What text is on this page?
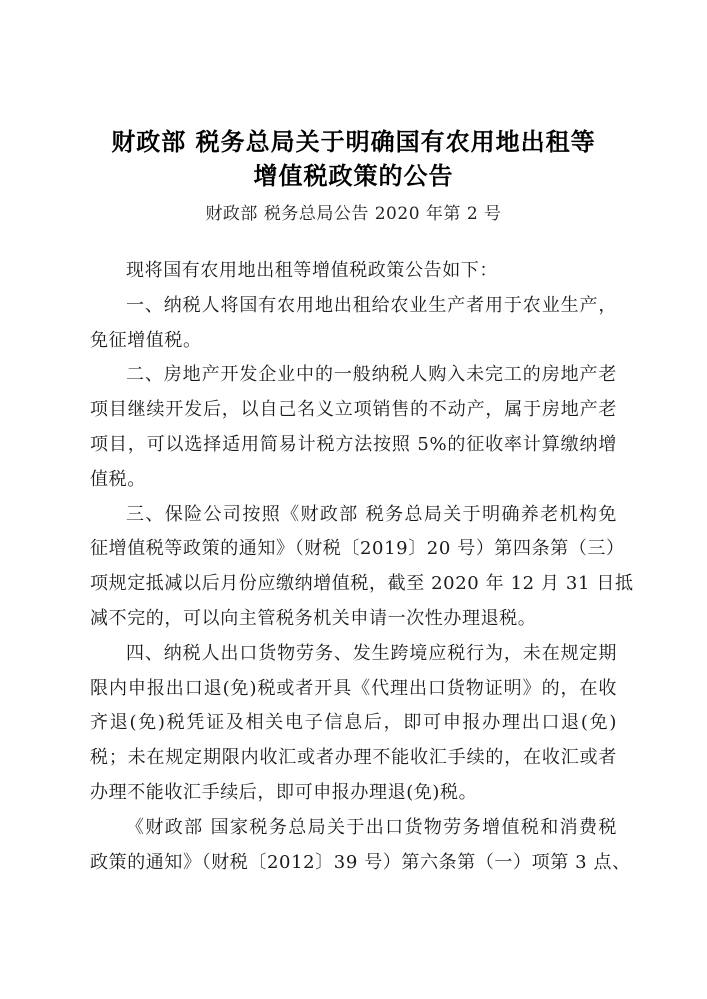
财政部 税务总局关于明确国有农用地出租等
增值税政策的公告
财政部 税务总局公告 2020 年第 2 号
现将国有农用地出租等增值税政策公告如下：
一、纳税人将国有农用地出租给农业生产者用于农业生产，
免征增值税。
二、房地产开发企业中的一般纳税人购入未完工的房地产老
项目继续开发后，以自己名义立项销售的不动产，属于房地产老
项目，可以选择适用简易计税方法按照 5%的征收率计算缴纳增
值税。
三、保险公司按照《财政部 税务总局关于明确养老机构免
征增值税等政策的通知》（财税〔2019〕20 号）第四条第（三）
项规定抵减以后月份应缴纳增值税，截至 2020 年 12 月 31 日抵
减不完的，可以向主管税务机关申请一次性办理退税。
四、纳税人出口货物劳务、发生跨境应税行为，未在规定期
限内申报出口退(免)税或者开具《代理出口货物证明》的，在收
齐退(免)税凭证及相关电子信息后，即可申报办理出口退(免)
税；未在规定期限内收汇或者办理不能收汇手续的，在收汇或者
办理不能收汇手续后，即可申报办理退(免)税。
《财政部 国家税务总局关于出口货物劳务增值税和消费税
政策的通知》（财税〔2012〕39 号）第六条第（一）项第 3 点、
